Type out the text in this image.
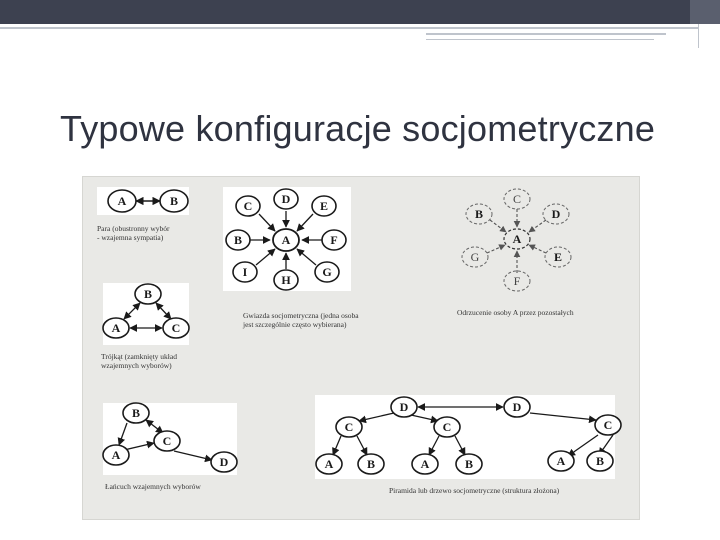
Typowe konfiguracje socjometryczne
A	B
Para (obustronny wybór
- wzajemna sympatia)
D
C	E
B	A	F
I
H
G
Gwiazda socjometryczna (jedna osoba
jest szczególnie często wybierana)
C
B	D
A
G	E
F
Odrzucenie osoby A przez pozostałych
B
A	C
Trójkąt (zamknięty układ
wzajemnych wyborów)
B
C
A	D
Łańcuch wzajemnych wyborów
D	D
C	C	C
A	B	A	B	A	B
Piramida lub drzewo socjometryczne (struktura złożona)
